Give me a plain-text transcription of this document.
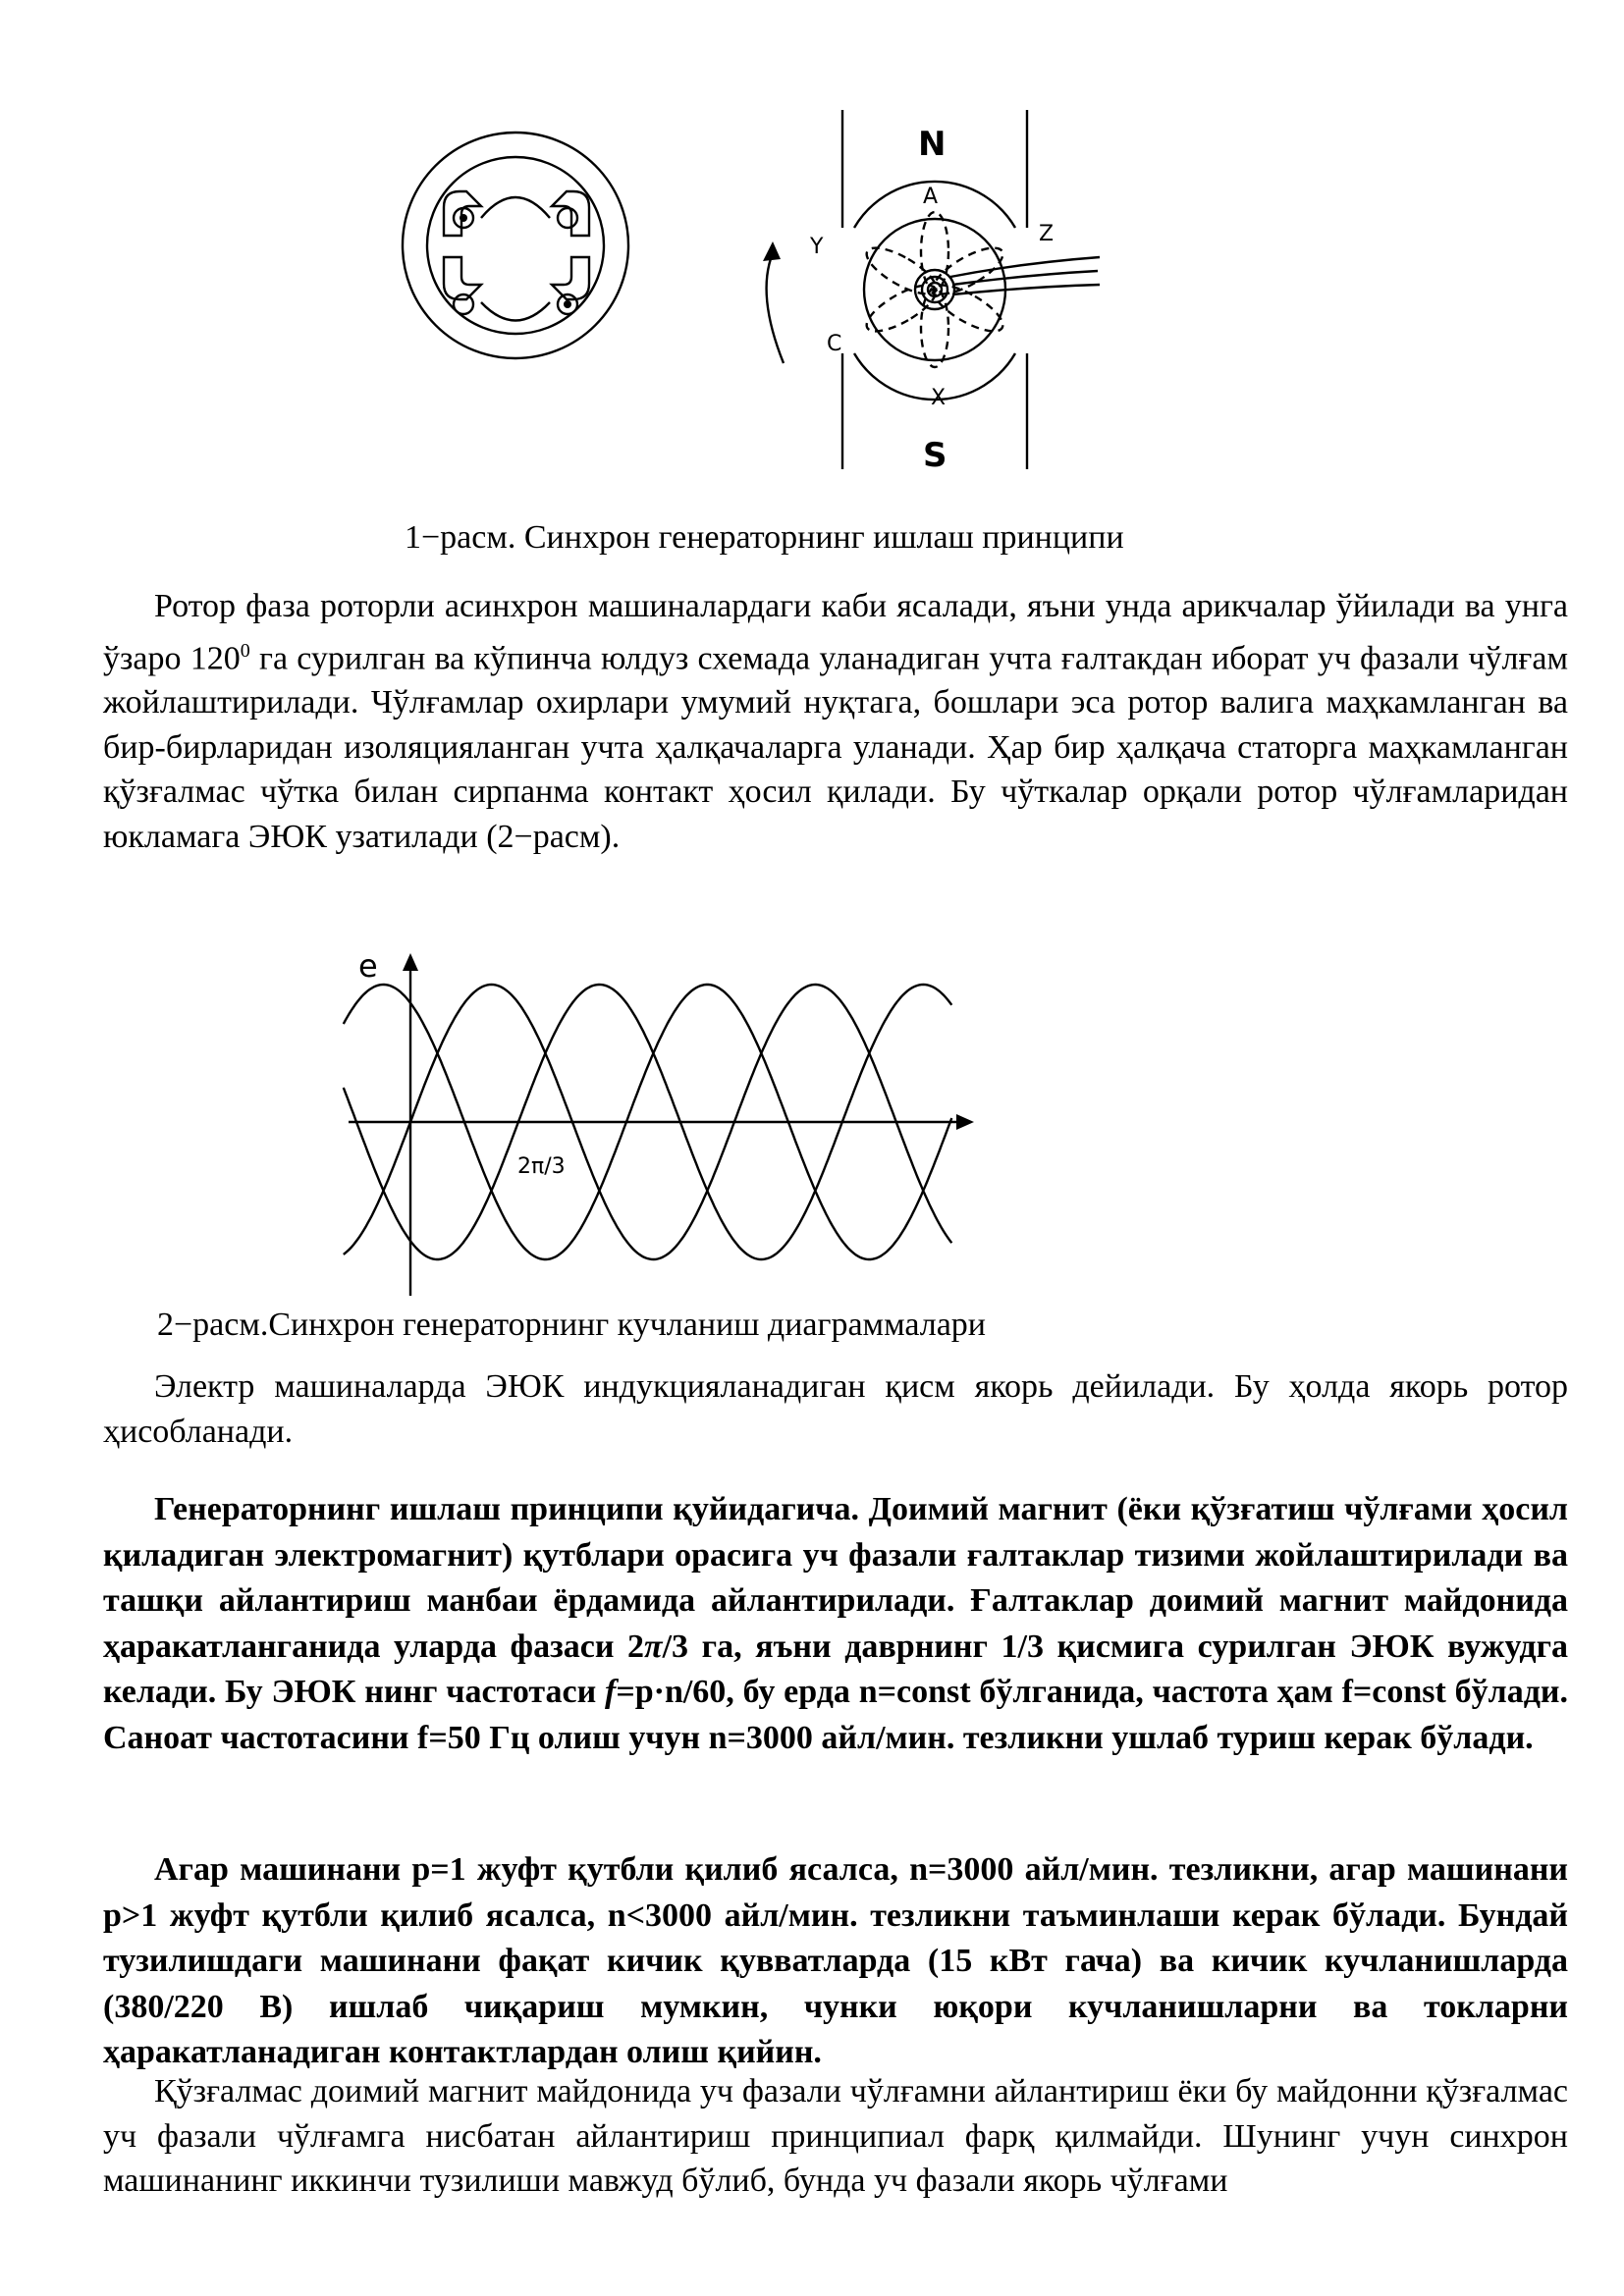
N
S
A
Y
Z
C
X
1−расм. Синхрон генераторнинг ишлаш принципи
Ротор фаза роторли асинхрон машиналардаги каби ясалади, яъни унда арикчалар ўйилади ва унга ўзаро $120^0$ га сурилган ва кўпинча юлдуз схемада уланадиган учта ғалтакдан иборат уч фазали чўлғам жойлаштирилади. Чўлғамлар охирлари умумий нуқтага, бошлари эса ротор валига маҳкамланган ва бир-бирларидан изоляцияланган учта ҳалқачаларга уланади. Ҳар бир ҳалқача статорга маҳкамланган қўзғалмас чўтка билан сирпанма контакт ҳосил қилади. Бу чўткалар орқали ротор чўлғамларидан юкламага ЭЮК узатилади (2−расм).
e
2π/3
2−расм.Синхрон генераторнинг кучланиш диаграммалари
Электр машиналарда ЭЮК индукцияланадиган қисм якорь дейилади. Бу ҳолда якорь ротор ҳисобланади.
Генераторнинг ишлаш принципи қуйидагича. Доимий магнит (ёки қўзғатиш чўлғами ҳосил қиладиган электромагнит) қутблари орасига уч фазали ғалтаклар тизими жойлаштирилади ва ташқи айлантириш манбаи ёрдамида айлантирилади. Ғалтаклар доимий магнит майдонида ҳаракатланганида уларда фазаси 2π/3 га, яъни даврнинг 1/3 қисмига сурилган ЭЮК вужудга келади. Бу ЭЮК нинг частотаси f=p·n/60, бу ерда n=const бўлганида, частота ҳам f=const бўлади. Саноат частотасини f=50 Гц олиш учун n=3000 айл/мин. тезликни ушлаб туриш керак бўлади.
Агар машинани p=1 жуфт қутбли қилиб ясалса, n=3000 айл/мин. тезликни, агар машинани p>1 жуфт қутбли қилиб ясалса, n<3000 айл/мин. тезликни таъминлаши керак бўлади. Бундай тузилишдаги машинани фақат кичик қувватларда (15 кВт гача) ва кичик кучланишларда (380/220 В) ишлаб чиқариш мумкин, чунки юқори кучланишларни ва токларни ҳаракатланадиган контактлардан олиш қийин.
Қўзғалмас доимий магнит майдонида уч фазали чўлғамни айлантириш ёки бу майдонни қўзғалмас уч фазали чўлғамга нисбатан айлантириш принципиал фарқ қилмайди. Шунинг учун синхрон машинанинг иккинчи тузилиши мавжуд бўлиб, бунда уч фазали якорь чўлғами
